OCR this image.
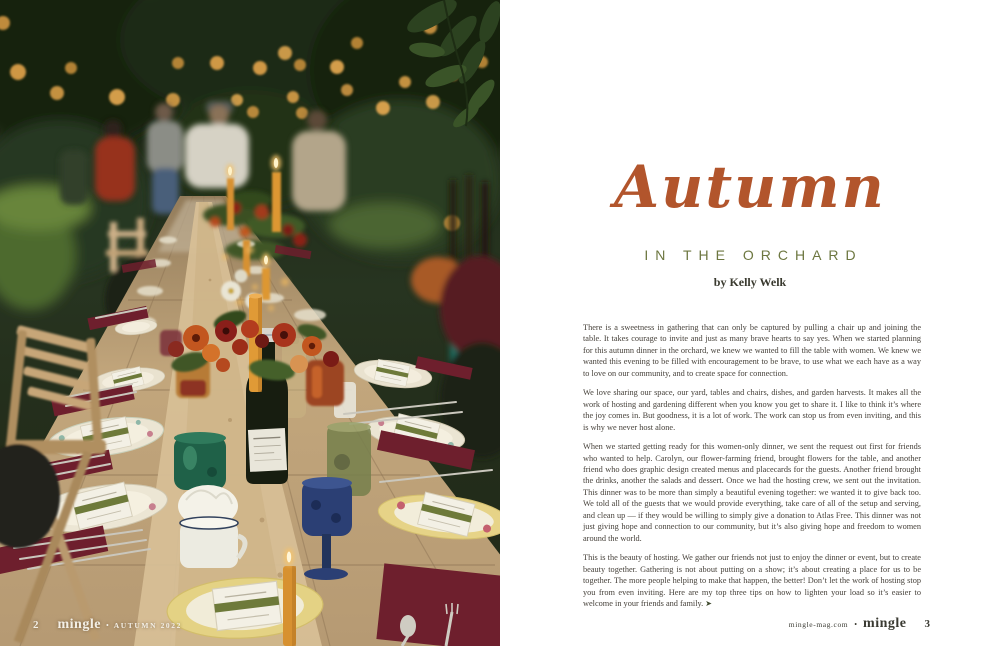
2 mingle • AUTUMN 2022
Autumn
IN THE ORCHARD
by Kelly Welk

There is a sweetness in gathering that can only be captured by pulling a chair up and joining the table. It takes courage to invite and just as many brave hearts to say yes. When we started planning for this autumn dinner in the orchard, we knew we wanted to fill the table with women. We knew we wanted this evening to be filled with encouragement to be brave, to use what we each have as a way to love on our community, and to create space for connection.

We love sharing our space, our yard, tables and chairs, dishes, and garden harvests. It makes all the work of hosting and gardening different when you know you get to share it. I like to think it’s where the joy comes in. But goodness, it is a lot of work. The work can stop us from even inviting, and this is why we never host alone.

When we started getting ready for this women-only dinner, we sent the request out first for friends who wanted to help. Carolyn, our flower-farming friend, brought flowers for the table, and another friend who does graphic design created menus and placecards for the guests. Another friend brought the drinks, another the salads and dessert. Once we had the hosting crew, we sent out the invitation. This dinner was to be more than simply a beautiful evening together: we wanted it to give back too. We told all of the guests that we would provide everything, take care of all of the setup and serving, and clean up — if they would be willing to simply give a donation to Atlas Free. This dinner was not just giving hope and connection to our community, but it’s also giving hope and freedom to women around the world.

This is the beauty of hosting. We gather our friends not just to enjoy the dinner or event, but to create beauty together. Gathering is not about putting on a show; it’s about creating a place for us to be together. The more people helping to make that happen, the better! Don’t let the work of hosting stop you from even inviting. Here are my top three tips on how to lighten your load so it’s easier to welcome in your friends and family. ➤

mingle-mag.com • mingle 3
